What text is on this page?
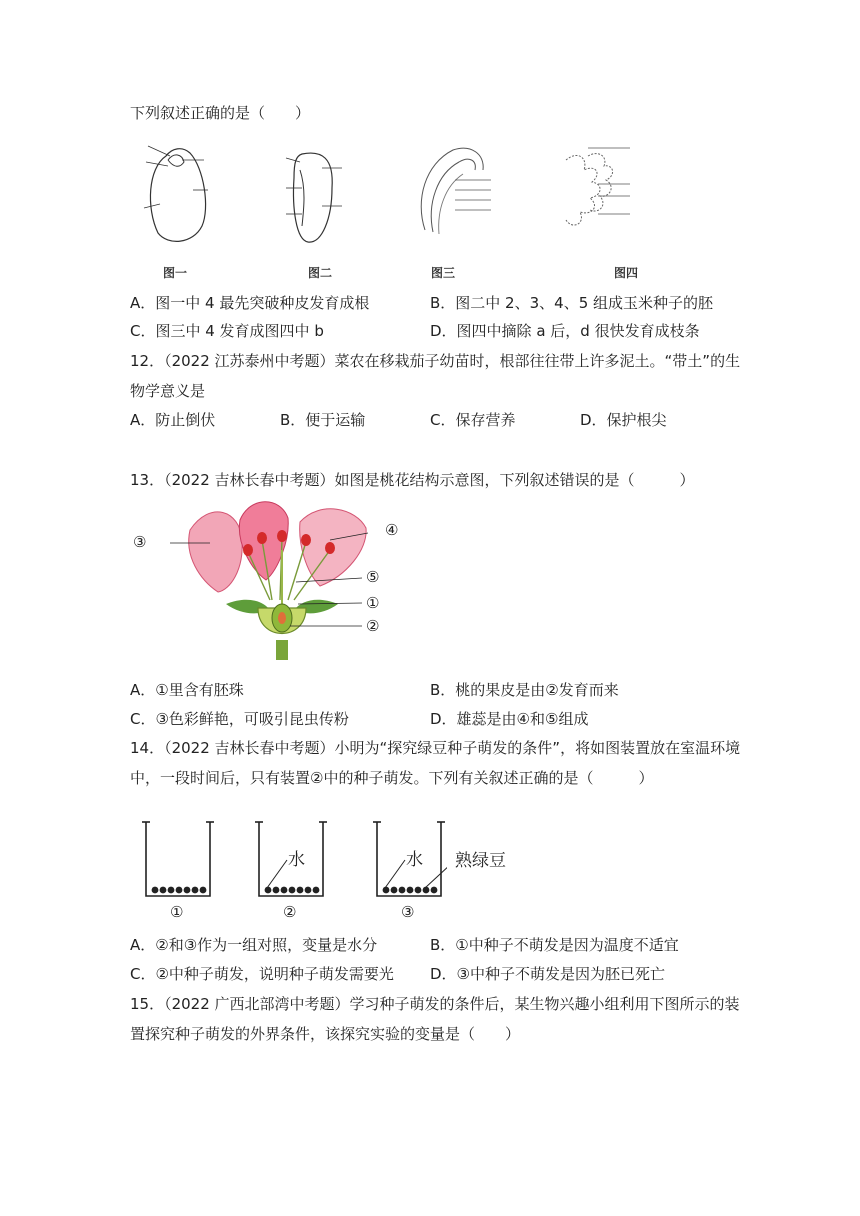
下列叙述正确的是（　　）
图一	图二	图三	图四
A．图一中 4 最先突破种皮发育成根	B．图二中 2、3、4、5 组成玉米种子的胚
C．图三中 4 发育成图四中 b	D．图四中摘除 a 后，d 很快发育成枝条
12．（2022 江苏泰州中考题）菜农在移栽茄子幼苗时，根部往往带上许多泥土。“带土”的生
物学意义是
A．防止倒伏	B．便于运输	C．保存营养	D．保护根尖
13．（2022 吉林长春中考题）如图是桃花结构示意图，下列叙述错误的是（　　　）
③
④
⑤
①
②
A．①里含有胚珠	B．桃的果皮是由②发育而来
C．③色彩鲜艳，可吸引昆虫传粉	D．雄蕊是由④和⑤组成
14．（2022 吉林长春中考题）小明为“探究绿豆种子萌发的条件”，将如图装置放在室温环境
中，一段时间后，只有装置②中的种子萌发。下列有关叙述正确的是（　　　）
水	水 熟绿豆
①	②	③
A．②和③作为一组对照，变量是水分	B．①中种子不萌发是因为温度不适宜
C．②中种子萌发，说明种子萌发需要光 D．③中种子不萌发是因为胚已死亡
15．（2022 广西北部湾中考题）学习种子萌发的条件后，某生物兴趣小组利用下图所示的装
置探究种子萌发的外界条件，该探究实验的变量是（　　）
